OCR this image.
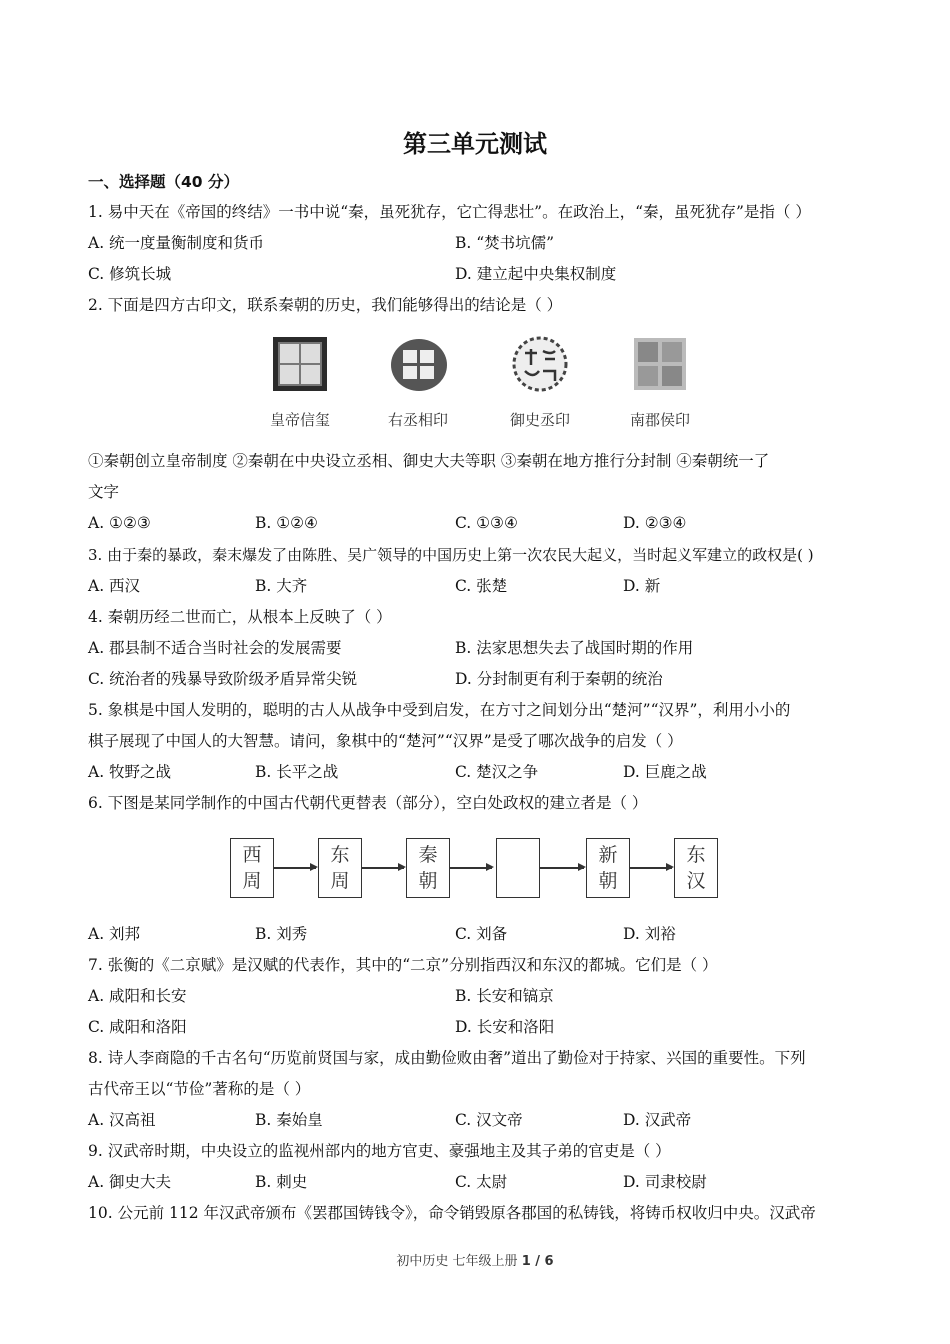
第三单元测试
一、选择题（40 分）
1. 易中天在《帝国的终结》一书中说“秦，虽死犹存，它亡得悲壮”。在政治上，“秦，虽死犹存”是指（ ）
A. 统一度量衡制度和货币	B. “焚书坑儒”
C. 修筑长城	D. 建立起中央集权制度
2. 下面是四方古印文，联系秦朝的历史，我们能够得出的结论是（ ）
皇帝信玺	右丞相印	御史丞印	南郡侯印
①秦朝创立皇帝制度 ②秦朝在中央设立丞相、御史大夫等职 ③秦朝在地方推行分封制 ④秦朝统一了
文字
A. ①②③	B. ①②④	C. ①③④	D. ②③④
3. 由于秦的暴政，秦末爆发了由陈胜、吴广领导的中国历史上第一次农民大起义，当时起义军建立的政权是( )
A. 西汉	B. 大齐	C. 张楚	D. 新
4. 秦朝历经二世而亡，从根本上反映了（ ）
A. 郡县制不适合当时社会的发展需要	B. 法家思想失去了战国时期的作用
C. 统治者的残暴导致阶级矛盾异常尖锐	D. 分封制更有利于秦朝的统治
5. 象棋是中国人发明的，聪明的古人从战争中受到启发，在方寸之间划分出“楚河”“汉界”，利用小小的
棋子展现了中国人的大智慧。请问，象棋中的“楚河”“汉界”是受了哪次战争的启发（ ）
A. 牧野之战	B. 长平之战	C. 楚汉之争	D. 巨鹿之战
6. 下图是某同学制作的中国古代朝代更替表（部分），空白处政权的建立者是（ ）
西
周
东
周
秦
朝
新
朝
东
汉
A. 刘邦	B. 刘秀	C. 刘备	D. 刘裕
7. 张衡的《二京赋》是汉赋的代表作，其中的“二京”分别指西汉和东汉的都城。它们是（ ）
A. 咸阳和长安	B. 长安和镐京
C. 咸阳和洛阳	D. 长安和洛阳
8. 诗人李商隐的千古名句“历览前贤国与家，成由勤俭败由奢”道出了勤俭对于持家、兴国的重要性。下列
古代帝王以“节俭”著称的是（ ）
A. 汉高祖	B. 秦始皇	C. 汉文帝	D. 汉武帝
9. 汉武帝时期，中央设立的监视州部内的地方官吏、豪强地主及其子弟的官吏是（ ）
A. 御史大夫	B. 刺史	C. 太尉	D. 司隶校尉
10. 公元前 112 年汉武帝颁布《罢郡国铸钱令》，命令销毁原各郡国的私铸钱，将铸币权收归中央。汉武帝
初中历史 七年级上册 1 / 6
